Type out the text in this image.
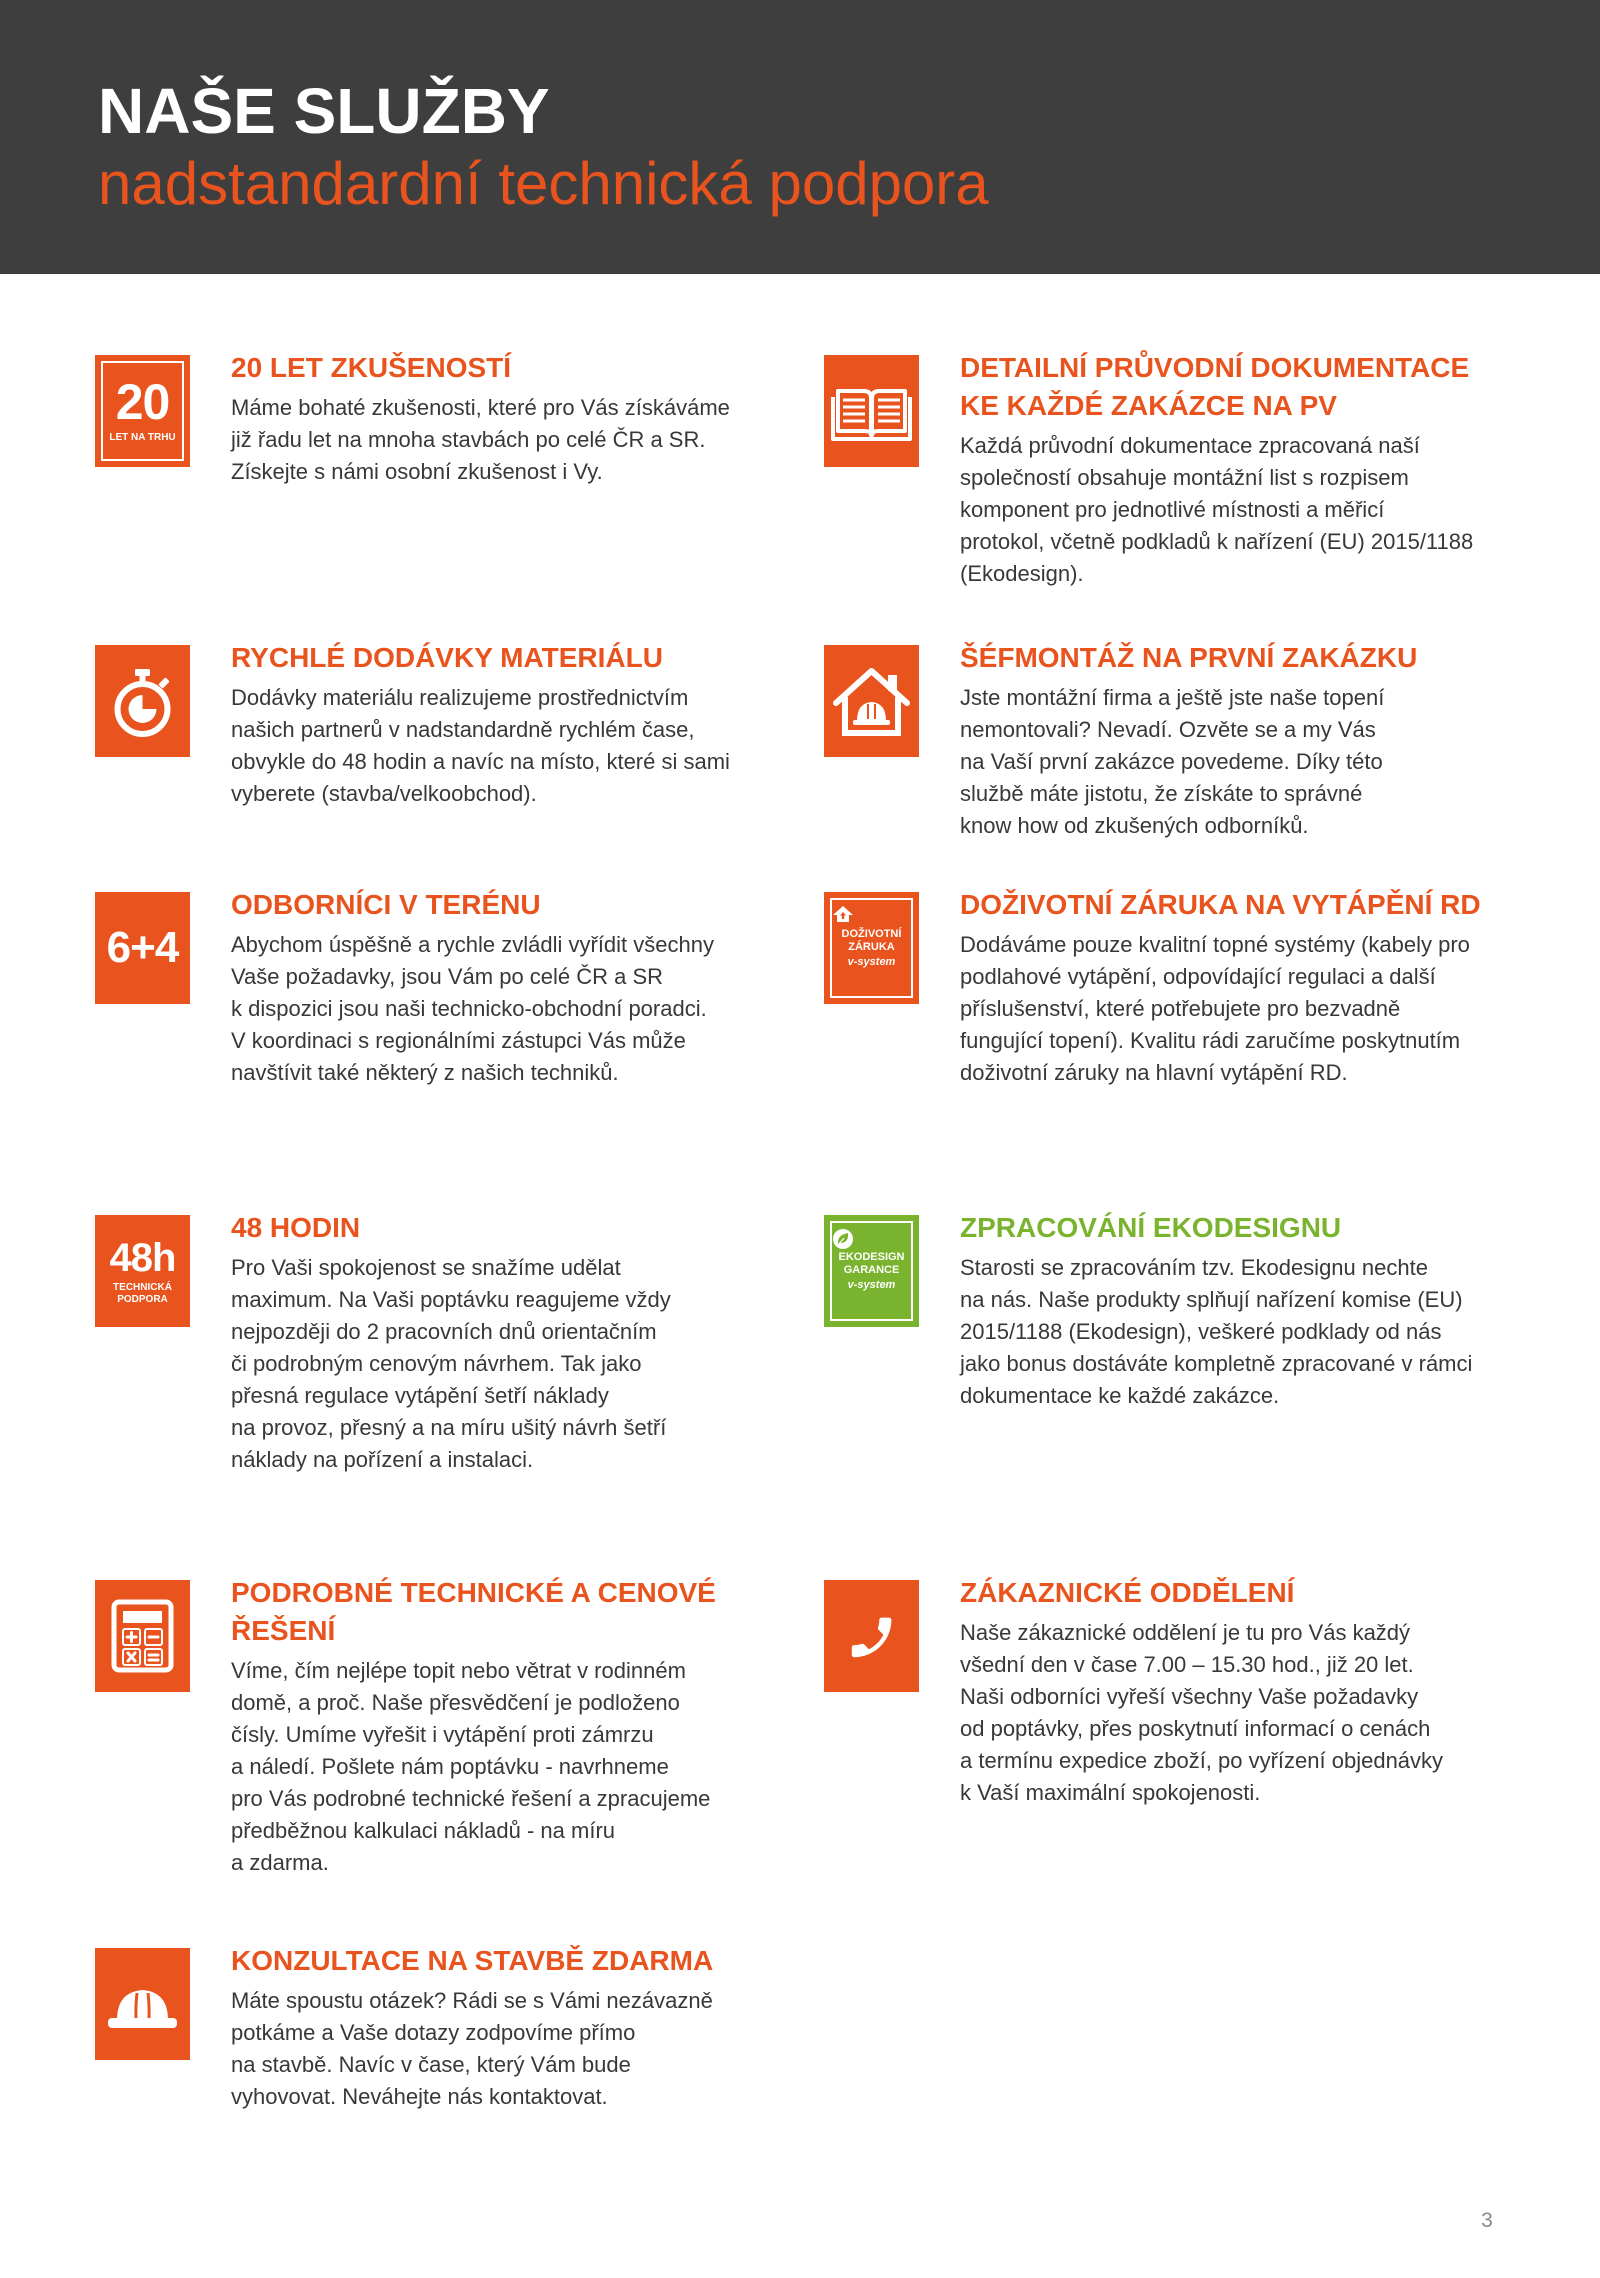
NAŠE SLUŽBY
nadstandardní technická podpora
20
LET NA TRHU
20 LET ZKUŠENOSTÍ

Máme bohaté zkušenosti, které pro Vás získáváme
již řadu let na mnoha stavbách po celé ČR a SR.
Získejte s námi osobní zkušenost i Vy.

DETAILNÍ PRŮVODNÍ DOKUMENTACE
KE KAŽDÉ ZAKÁZCE NA PV

Každá průvodní dokumentace zpracovaná naší
společností obsahuje montážní list s rozpisem
komponent pro jednotlivé místnosti a měřicí
protokol, včetně podkladů k nařízení (EU) 2015/1188
(Ekodesign).

RYCHLÉ DODÁVKY MATERIÁLU

Dodávky materiálu realizujeme prostřednictvím
našich partnerů v nadstandardně rychlém čase,
obvykle do 48 hodin a navíc na místo, které si sami
vyberete (stavba/velkoobchod).

ŠÉFMONTÁŽ NA PRVNÍ ZAKÁZKU

Jste montážní firma a ještě jste naše topení
nemontovali? Nevadí. Ozvěte se a my Vás
na Vaší první zakázce povedeme. Díky této
službě máte jistotu, že získáte to správné
know how od zkušených odborníků.

6+4
ODBORNÍCI V TERÉNU

Abychom úspěšně a rychle zvládli vyřídit všechny
Vaše požadavky, jsou Vám po celé ČR a SR
k dispozici jsou naši technicko-obchodní poradci.
V koordinaci s regionálními zástupci Vás může
navštívit také některý z našich techniků.

DOŽIVOTNÍ ZÁRUKA
v-system
DOŽIVOTNÍ ZÁRUKA NA VYTÁPĚNÍ RD

Dodáváme pouze kvalitní topné systémy (kabely pro
podlahové vytápění, odpovídající regulaci a další
příslušenství, které potřebujete pro bezvadně
fungující topení). Kvalitu rádi zaručíme poskytnutím
doživotní záruky na hlavní vytápění RD.

48h
TECHNICKÁ PODPORA
48 HODIN

Pro Vaši spokojenost se snažíme udělat
maximum. Na Vaši poptávku reagujeme vždy
nejpozději do 2 pracovních dnů orientačním
či podrobným cenovým návrhem. Tak jako
přesná regulace vytápění šetří náklady
na provoz, přesný a na míru ušitý návrh šetří
náklady na pořízení a instalaci.

EKODESIGN GARANCE
v-system
ZPRACOVÁNÍ EKODESIGNU

Starosti se zpracováním tzv. Ekodesignu nechte
na nás. Naše produkty splňují nařízení komise (EU)
2015/1188 (Ekodesign), veškeré podklady od nás
jako bonus dostáváte kompletně zpracované v rámci
dokumentace ke každé zakázce.

PODROBNÉ TECHNICKÉ A CENOVÉ
ŘEŠENÍ

Víme, čím nejlépe topit nebo větrat v rodinném
domě, a proč. Naše přesvědčení je podloženo
čísly. Umíme vyřešit i vytápění proti zámrzu
a náledí. Pošlete nám poptávku - navrhneme
pro Vás podrobné technické řešení a zpracujeme
předběžnou kalkulaci nákladů - na míru
a zdarma.

ZÁKAZNICKÉ ODDĚLENÍ

Naše zákaznické oddělení je tu pro Vás každý
všední den v čase 7.00 – 15.30 hod., již 20 let.
Naši odborníci vyřeší všechny Vaše požadavky
od poptávky, přes poskytnutí informací o cenách
a termínu expedice zboží, po vyřízení objednávky
k Vaší maximální spokojenosti.

KONZULTACE NA STAVBĚ ZDARMA

Máte spoustu otázek? Rádi se s Vámi nezávazně
potkáme a Vaše dotazy zodpovíme přímo
na stavbě. Navíc v čase, který Vám bude
vyhovovat. Neváhejte nás kontaktovat.

3
